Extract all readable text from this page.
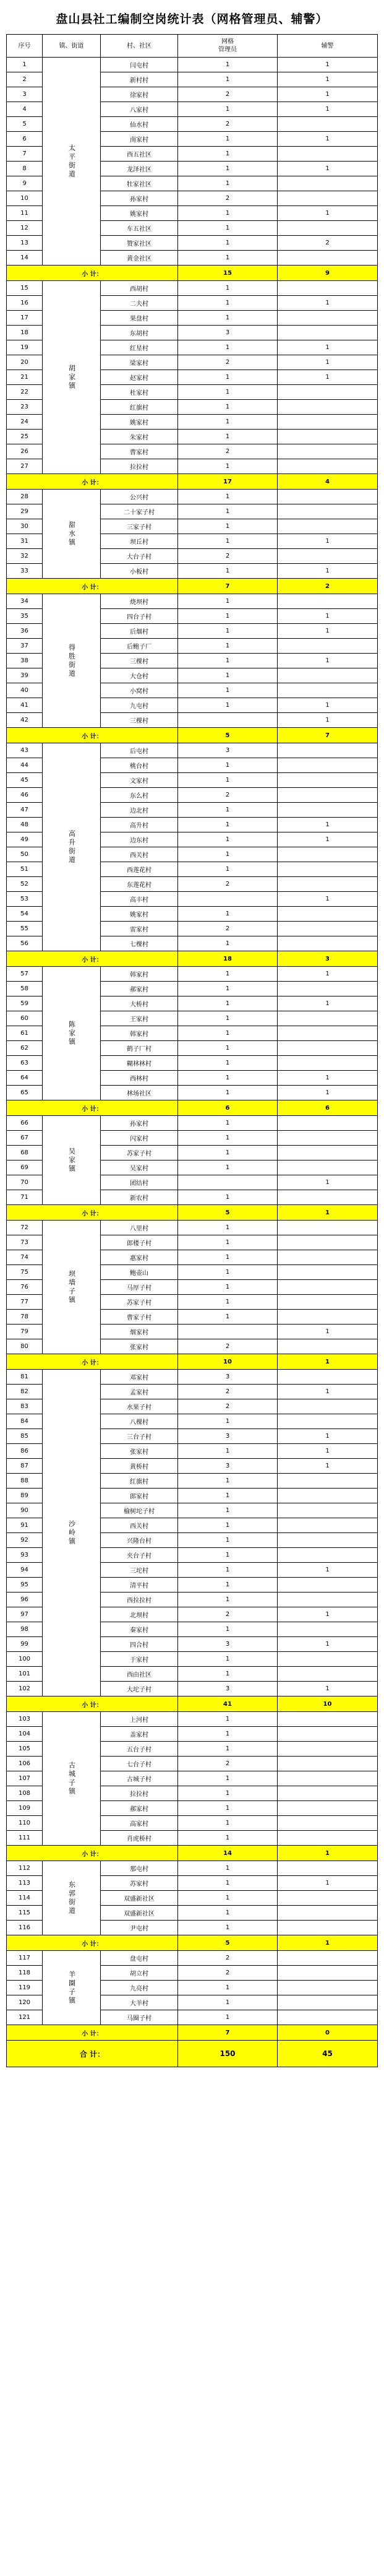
盘山县社工编制空岗统计表（网格管理员、辅警）
序号	镇、街道	村、社区	网格
管理员	辅警
1	太平街道	闫屯村	1	1
2		新村村	1	1
3		徐家村	2	1
4		八家村	1	1
5		仙水村	2	
6		南家村	1	1
7		西五社区	1	
8		龙泽社区	1	1
9		牡家社区	1	
10		孙家村	2	
11		姚家村	1	1
12		车五社区	1	
13		赞家社区	1	2
14		黄金社区	1	
小 计：			15	9
15	胡家镇	西胡村	1	
16		二夫村	1	1
17		果盘村	1	
18		东胡村	3	
19		红星村	1	1
20		梁家村	2	1
21		赵家村	1	1
22		杜家村	1	
23		红旗村	1	
24		姚家村	1	
25		朱家村	1	
26		曹家村	2	
27		拉拉村	1	
小 计：			17	4
28	甜水镇	公兴村	1	
29		二十家子村	1	
30		三家子村	1	
31		坝丘村	1	1
32		大台子村	2	
33		小板村	1	1
小 计：			7	2
34	得胜街道	烧坝村	1	
35		四台子村	1	1
36		后烟村	1	1
37		后鲍子厂	1	
38		三棵村	1	1
39		大仓村	1	
40		小窝村	1	
41		九屯村	1	1
42		三棵村		1
小 计：			5	7
43	高升街道	后屯村	3	
44		桃台村	1	
45		文家村	1	
46		东么村	2	
47		边北村	1	
48		高升村	1	1
49		边东村	1	1
50		西关村	1	
51		西莲花村	1	
52		东莲花村	2	
53		高丰村		1
54		姚家村	1	
55		雷家村	2	
56		七棵村	1	
小 计：			18	3
57	陈家镇	韩家村	1	1
58		郝家村	1	
59		大桥村	1	1
60		王家村	1	
61		韩家村	1	
62		鹤子厂村	1	
63		糊林林村	1	
64		西林村	1	1
65		林场社区	1	1
小 计：			6	6
66	吴家镇	孙家村	1	
67		闪家村	1	
68		苏家子村	1	
69		吴家村	1	
70		团结村		1
71		新农村	1	
小 计：			5	1
72	坝墙子镇	八里村	1	
73		郎楼子村	1	
74		惠家村	1	
75		鲍壶山	1	
76		马厚子村	1	
77		苏家子村	1	
78		曹家子村	1	
79		烟家村		1
80		张家村	2	
小 计：			10	1
81	沙岭镇	邓家村	3	
82		孟家村	2	1
83		水果子村	2	
84		八棵村	1	
85		三台子村	3	1
86		张家村	1	1
87		黄桥村	3	1
88		红旗村	1	
89		郎家村	1	
90		榆树坨子村	1	
91		西关村	1	
92		兴隆台村	1	
93		夹台子村	1	
94		三坨村	1	1
95		清平村	1	
96		西拉拉村	1	
97		北坝村	2	1
98		秦家村	1	
99		四合村	3	1
100		于家村	1	
101		西由社区	1	
102		大坨子村	3	1
小 计：			41	10
103	古城子镇	上河村	1	
104		盖家村	1	
105		五台子村	1	
106		七台子村	2	
107		古城子村	1	
108		拉拉村	1	
109		郝家村	1	
110		高家村	1	
111		肖虎桥村	1	
小 计：			14	1
112	东郭街道	那屯村	1	
113		苏家村	1	1
114		双盛新社区	1	
115		双盛新社区	1	
116		尹屯村	1	
小 计：			5	1
117	羊圈子镇	盘屯村	2	
118		胡立村	2	
119		九亮村	1	
120		大羊村	1	
121		马圈子村	1	
小 计：			7	0
合 计：			150	45
